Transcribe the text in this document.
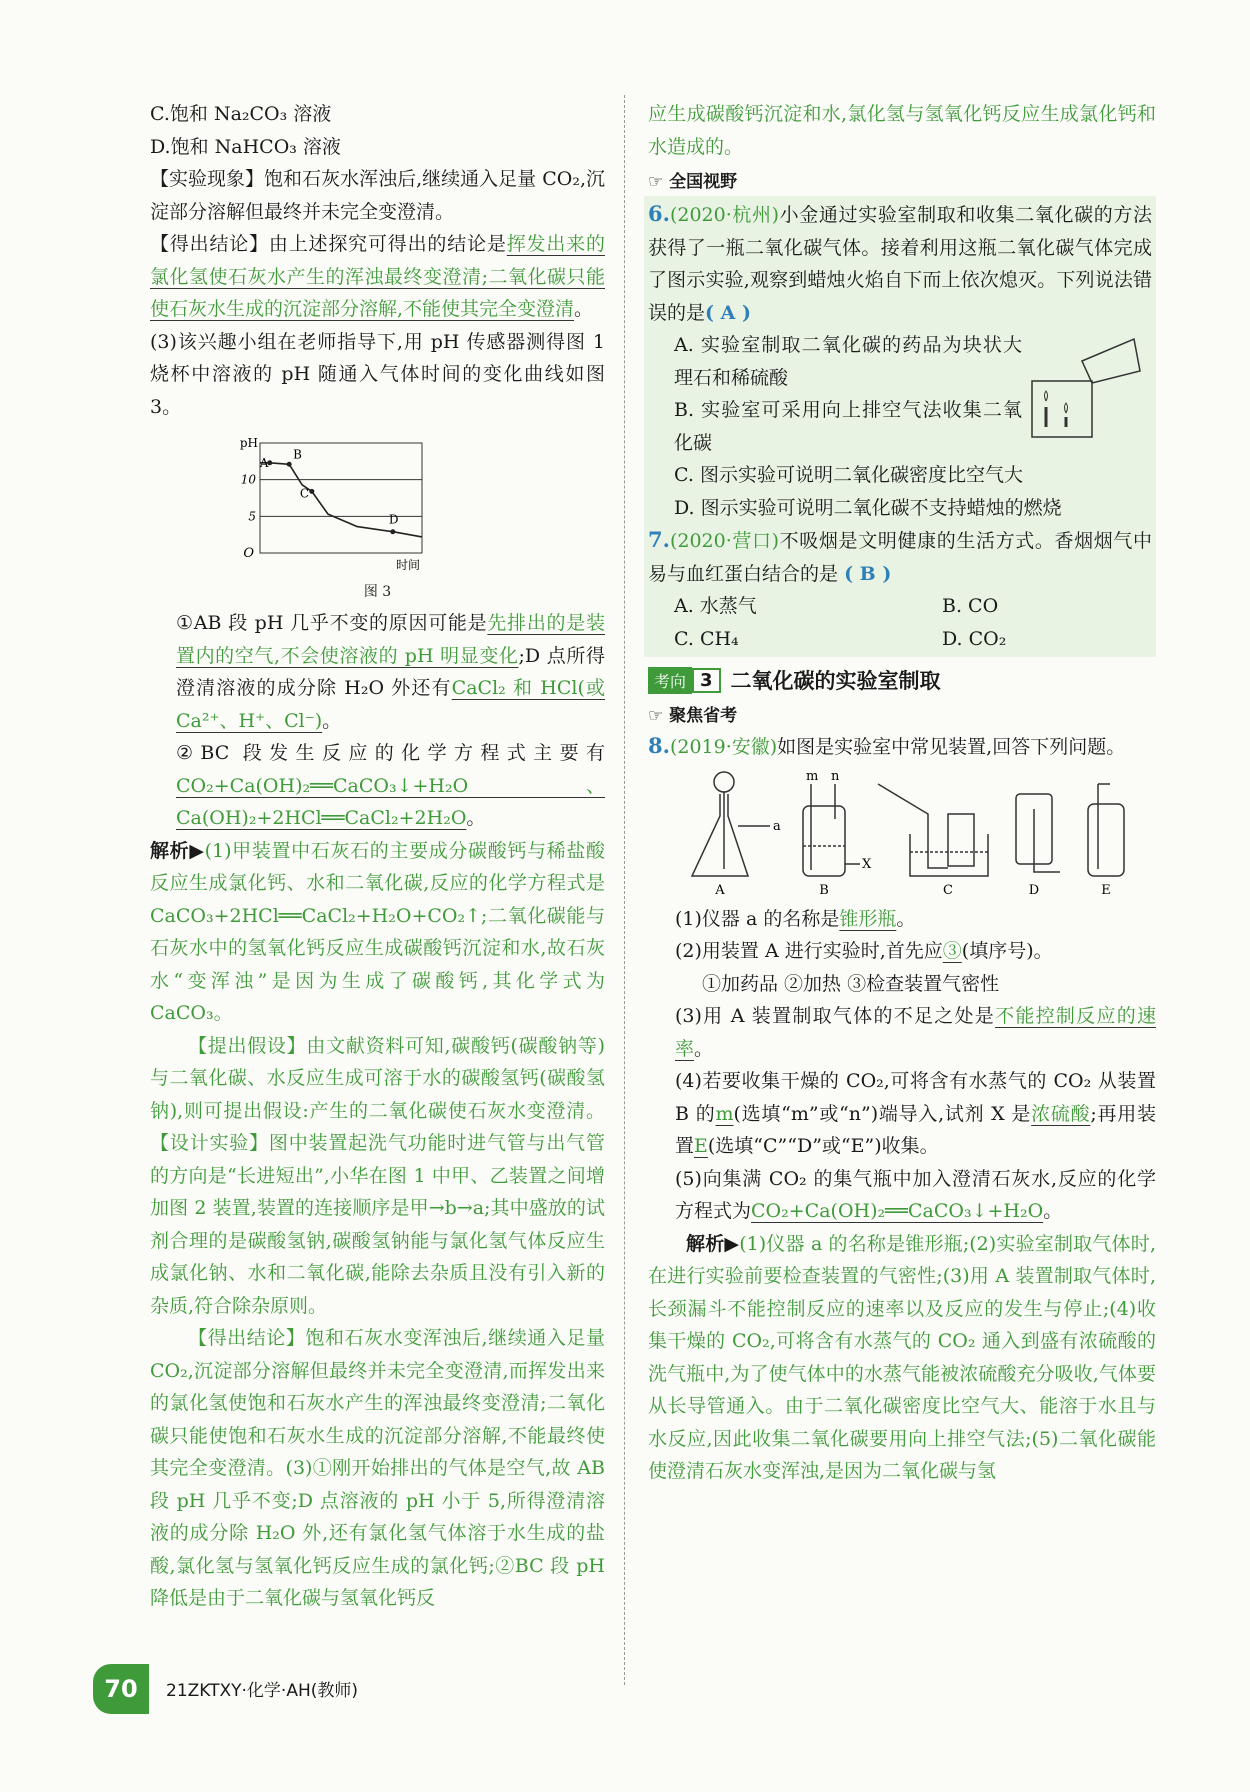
C.饱和 Na₂CO₃ 溶液

D.饱和 NaHCO₃ 溶液

【实验现象】饱和石灰水浑浊后,继续通入足量 CO₂,沉淀部分溶解但最终并未完全变澄清。

【得出结论】由上述探究可得出的结论是挥发出来的氯化氢使石灰水产生的浑浊最终变澄清;二氧化碳只能使石灰水生成的沉淀部分溶解,不能使其完全变澄清。

(3)该兴趣小组在老师指导下,用 pH 传感器测得图 1 烧杯中溶液的 pH 随通入气体时间的变化曲线如图 3。

5
10
pH
时间
O
A
B
C
D
图 3

①AB 段 pH 几乎不变的原因可能是先排出的是装置内的空气,不会使溶液的 pH 明显变化;D 点所得澄清溶液的成分除 H₂O 外还有CaCl₂ 和 HCl(或 Ca²⁺、H⁺、Cl⁻)。

②BC 段发生反应的化学方程式主要有CO₂+Ca(OH)₂══CaCO₃↓+H₂O、Ca(OH)₂+2HCl══CaCl₂+2H₂O。

解析▶(1)甲装置中石灰石的主要成分碳酸钙与稀盐酸反应生成氯化钙、水和二氧化碳,反应的化学方程式是 CaCO₃+2HCl══CaCl₂+H₂O+CO₂↑;二氧化碳能与石灰水中的氢氧化钙反应生成碳酸钙沉淀和水,故石灰水“变浑浊”是因为生成了碳酸钙,其化学式为 CaCO₃。

【提出假设】由文献资料可知,碳酸钙(碳酸钠等)与二氧化碳、水反应生成可溶于水的碳酸氢钙(碳酸氢钠),则可提出假设:产生的二氧化碳使石灰水变澄清。【设计实验】图中装置起洗气功能时进气管与出气管的方向是“长进短出”,小华在图 1 中甲、乙装置之间增加图 2 装置,装置的连接顺序是甲→b→a;其中盛放的试剂合理的是碳酸氢钠,碳酸氢钠能与氯化氢气体反应生成氯化钠、水和二氧化碳,能除去杂质且没有引入新的杂质,符合除杂原则。

【得出结论】饱和石灰水变浑浊后,继续通入足量 CO₂,沉淀部分溶解但最终并未完全变澄清,而挥发出来的氯化氢使饱和石灰水产生的浑浊最终变澄清;二氧化碳只能使饱和石灰水生成的沉淀部分溶解,不能最终使其完全变澄清。(3)①刚开始排出的气体是空气,故 AB 段 pH 几乎不变;D 点溶液的 pH 小于 5,所得澄清溶液的成分除 H₂O 外,还有氯化氢气体溶于水生成的盐酸,氯化氢与氢氧化钙反应生成的氯化钙;②BC 段 pH 降低是由于二氧化碳与氢氧化钙反

应生成碳酸钙沉淀和水,氯化氢与氢氧化钙反应生成氯化钙和水造成的。

☞ 全国视野

6.(2020·杭州)小金通过实验室制取和收集二氧化碳的方法获得了一瓶二氧化碳气体。接着利用这瓶二氧化碳气体完成了图示实验,观察到蜡烛火焰自下而上依次熄灭。下列说法错误的是( A )

A. 实验室制取二氧化碳的药品为块状大理石和稀硫酸

B. 实验室可采用向上排空气法收集二氧化碳

C. 图示实验可说明二氧化碳密度比空气大

D. 图示实验可说明二氧化碳不支持蜡烛的燃烧

7.(2020·营口)不吸烟是文明健康的生活方式。香烟烟气中易与血红蛋白结合的是 ( B )

A. 水蒸气	B. CO

C. CH₄	D. CO₂

考向 3 二氧化碳的实验室制取
☞ 聚焦省考

8.(2019·安徽)如图是实验室中常见装置,回答下列问题。

A	B	C	D	E
a
m n
X

(1)仪器 a 的名称是锥形瓶。

(2)用装置 A 进行实验时,首先应③(填序号)。

①加药品 ②加热 ③检查装置气密性

(3)用 A 装置制取气体的不足之处是不能控制反应的速率。

(4)若要收集干燥的 CO₂,可将含有水蒸气的 CO₂ 从装置 B 的m(选填“m”或“n”)端导入,试剂 X 是浓硫酸;再用装置E(选填“C”“D”或“E”)收集。

(5)向集满 CO₂ 的集气瓶中加入澄清石灰水,反应的化学方程式为CO₂+Ca(OH)₂══CaCO₃↓+H₂O。

解析▶(1)仪器 a 的名称是锥形瓶;(2)实验室制取气体时,在进行实验前要检查装置的气密性;(3)用 A 装置制取气体时,长颈漏斗不能控制反应的速率以及反应的发生与停止;(4)收集干燥的 CO₂,可将含有水蒸气的 CO₂ 通入到盛有浓硫酸的洗气瓶中,为了使气体中的水蒸气能被浓硫酸充分吸收,气体要从长导管通入。由于二氧化碳密度比空气大、能溶于水且与水反应,因此收集二氧化碳要用向上排空气法;(5)二氧化碳能使澄清石灰水变浑浊,是因为二氧化碳与氢

70	21ZKTXY·化学·AH(教师)
